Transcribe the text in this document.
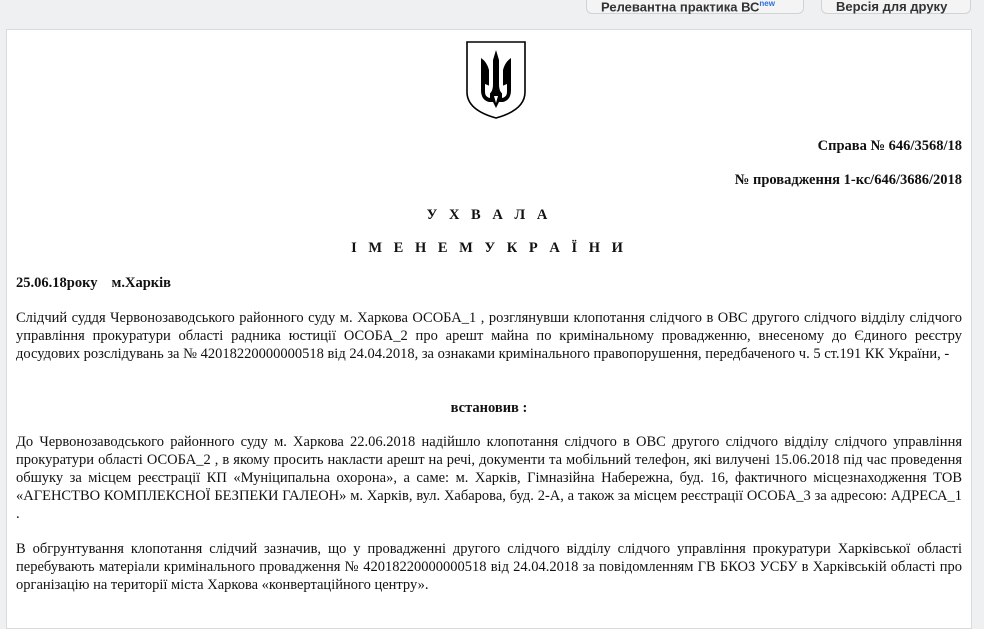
Релевантна практика $ВС^{new}$	Версія для друку
Справа № 646/3568/18
№ провадження 1-кс/646/3686/2018
У Х В А Л А
І М Е Н Е М У К Р А Ї Н И
25.06.18року м.Харків
Слідчий суддя Червонозаводського районного суду м. Харкова ОСОБА_1 , розглянувши клопотання слідчого в ОВС другого слідчого відділу слідчого управління прокуратури області радника юстиції ОСОБА_2 про арешт майна по кримінальному провадженню, внесеному до Єдиного реєстру досудових розслідувань за № 42018220000000518 від 24.04.2018, за ознаками кримінального правопорушення, передбаченого ч. 5 ст.191 КК України, -
встановив :
До Червонозаводського районного суду м. Харкова 22.06.2018 надійшло клопотання слідчого в ОВС другого слідчого відділу слідчого управління прокуратури області ОСОБА_2 , в якому просить накласти арешт на речі, документи та мобільний телефон, які вилучені 15.06.2018 під час проведення обшуку за місцем реєстрації КП «Муніципальна охорона», а саме: м. Харків, Гімназійна Набережна, буд. 16, фактичного місцезнаходження ТОВ «АГЕНСТВО КОМПЛЕКСНОЇ БЕЗПЕКИ ГАЛЕОН» м. Харків, вул. Хабарова, буд. 2-А, а також за місцем реєстрації ОСОБА_3 за адресою: АДРЕСА_1 .
В обгрунтування клопотання слідчий зазначив, що у провадженні другого слідчого відділу слідчого управління прокуратури Харківської області перебувають матеріали кримінального провадження № 42018220000000518 від 24.04.2018 за повідомленням ГВ БКОЗ УСБУ в Харківській області про організацію на території міста Харкова «конвертаційного центру».
